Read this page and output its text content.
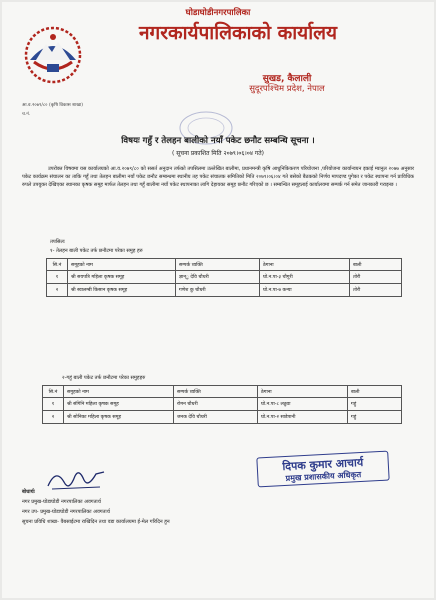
घोडाघोडीनगरपालिका
नगरकार्यपालिकाको कार्यालय
सुखड, कैलाली
सुदूरपश्चिम प्रदेश, नेपाल
आ.व.२०७९/८० (कृषि विकास शाखा)
च.नं.
विषयः गहुँ र तेलहन बालीको नयाँ पकेट छनौट सम्बन्धि सूचना ।
( सूचना प्रकाशित मिति २०७९।०६।०४ गते)

उपरोक्त विषयमा यस कार्यालयको आ.व.२०७९/८० को ससर्त अनुदान तर्फको तपसिलमा उल्लेखित बालीमा, प्रधानमन्त्री कृषि आधुनिकिकरण परियोजना ,परियोजना कार्यान्वयन इकाई म्यानुल २०७७ अनुसार पकेट कार्यक्रम संचालन का ताकि गहुँ तथा तेलहन बालीमा नयाँ पकेट छनौट सम्बन्धमा स्थानीय तह पकेट संचालक समितिको मिति २०७९।०६।०४ गते बसेको बैठकको निर्णय मापदण्ड पुगेका र पकेट स्थापना गर्न प्राविधिक रुपले उपयुक्त देखिएका स्थानका कृषक समूह मार्फत तेलहन तथा गहुँ बालीमा नयाँ पकेट स्थापनाका लागि देहायका समूह छनौट गरिएको छ । सम्बन्धित समूहलाई कार्यालयमा सम्पर्क गर्न समेत जानकारी गराइन्छ ।

तपसिलः
१- तेलहन बाली पकेट तर्फ छनौटमा परेका समुह हरु
सि.नं	समूहको नाम	सम्पर्क व्यक्ति	ठेगाना	बाली
१	श्री सयपत्रि महिला कृषक समूह	ज्ञान्ु देवि चौधरी	घो.न.पा-३ चौगुरी	तोरी
२	श्री स्वालम्बी किसान कृषक समूह	गणेश कु चौधरी	घो.न.पा-७ कन्या	तोरी
२-गहुं बाली पकेट तर्फ छनौटमा परेका समुहहरु
सि.नं	समुहको नाम	सम्पर्क व्यक्ति	ठेगाना	बाली
१	श्री संगिनि महिला कृषक समूह	रोमन चौधरी	घो.न.पा-८ लठुवा	गहुं
२	श्री सोनिका महिला कृषक समूह	जनक देवि चौधरी	घो.न.पा-२ साडेपानी	गहुं
दिपक कुमार आचार्य
प्रमुख प्रशासकीय अधिकृत
बोधार्थः
नगर प्रमुख-घोडाघोडी नगरपालिका अवगतार्थ
नगर उप- प्रमुख-घोडाघोडी नगरपालिका अवगतार्थ
सूचना प्रविधि शाखा- वैबसाईटमा राखिदिन तथा वडा कार्यालयमा ई-मेल गरिदिन हुन
